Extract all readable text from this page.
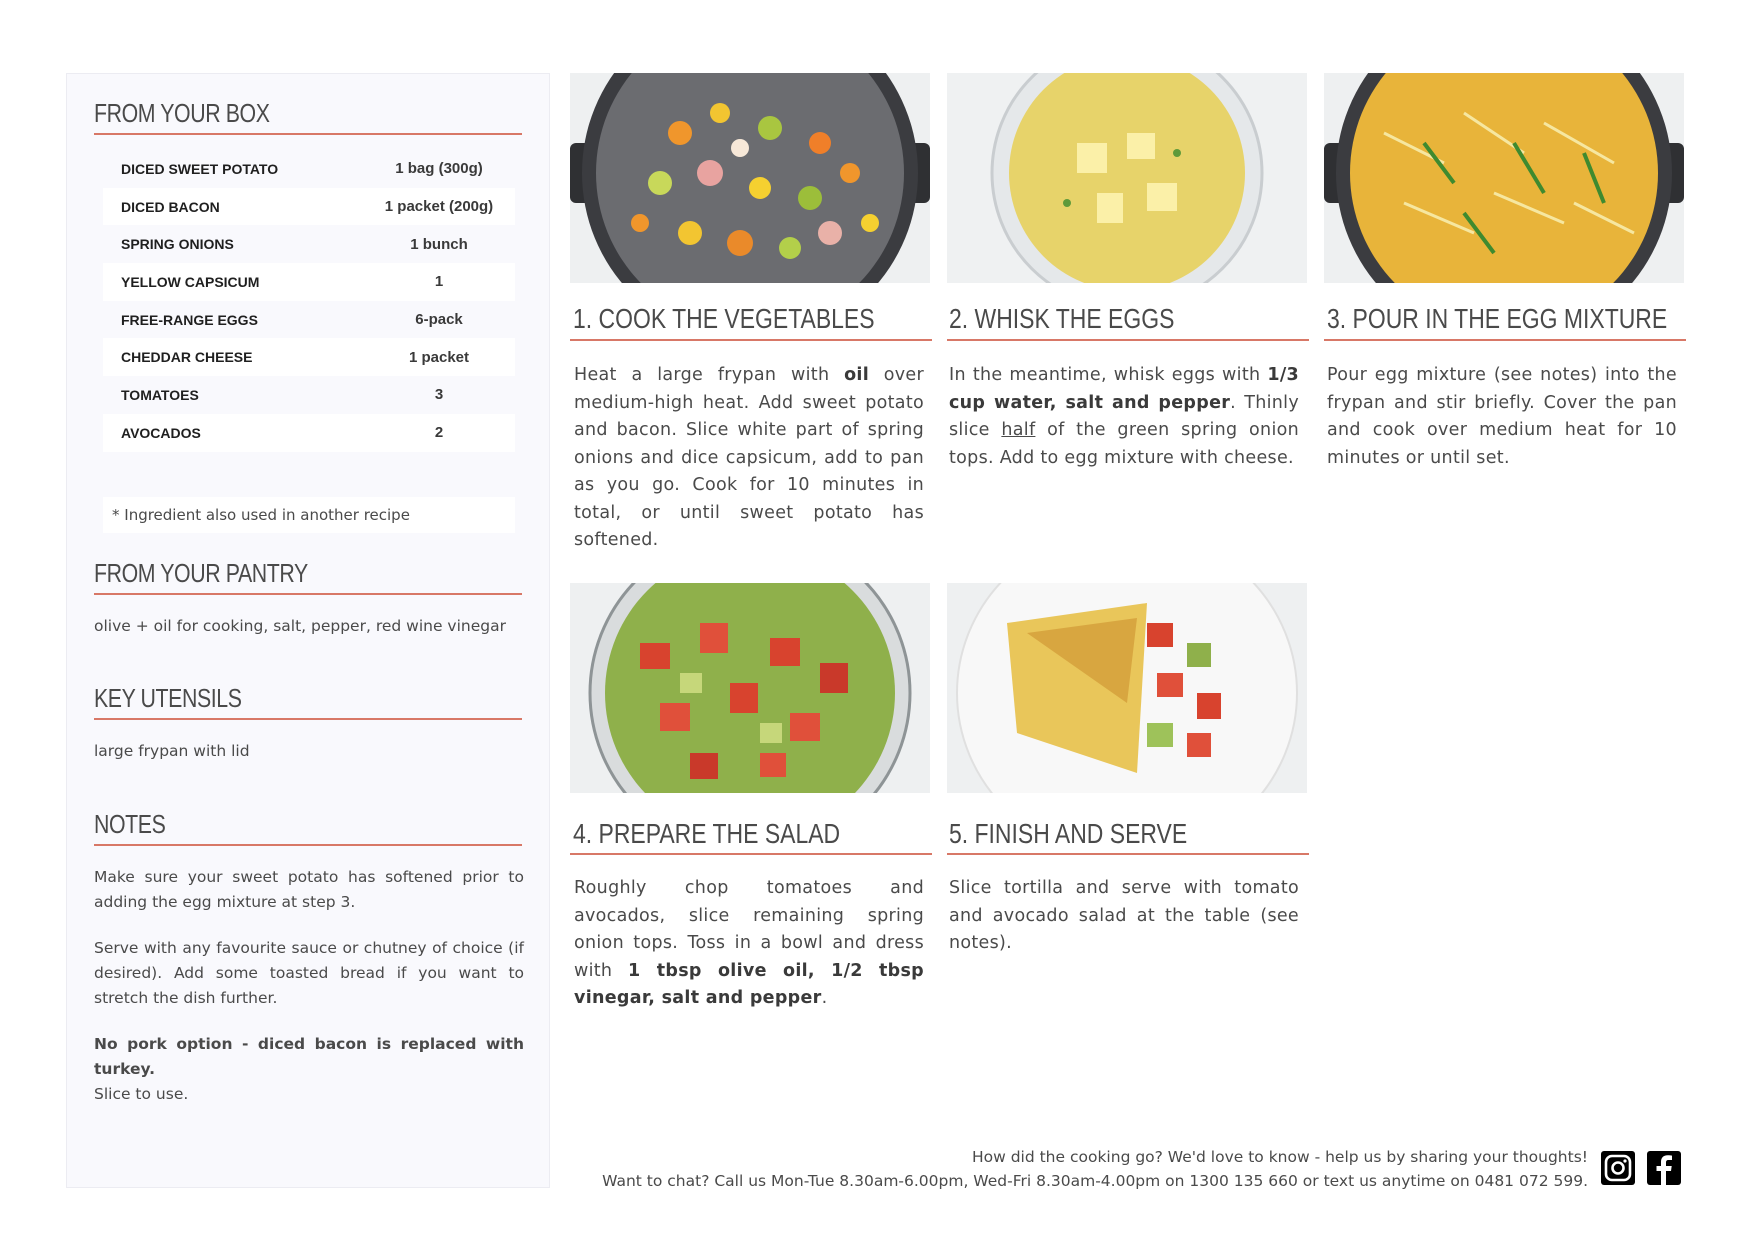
FROM YOUR BOX
DICED SWEET POTATO	1 bag (300g)
DICED BACON	1 packet (200g)
SPRING ONIONS	1 bunch
YELLOW CAPSICUM	1
FREE-RANGE EGGS	6-pack
CHEDDAR CHEESE	1 packet
TOMATOES	3
AVOCADOS	2
* Ingredient also used in another recipe
FROM YOUR PANTRY
olive + oil for cooking, salt, pepper, red wine vinegar
KEY UTENSILS
large frypan with lid
NOTES
Make sure your sweet potato has softened prior to adding the egg mixture at step 3.
Serve with any favourite sauce or chutney of choice (if desired). Add some toasted bread if you want to stretch the dish further.
No pork option - diced bacon is replaced with turkey.
Slice to use.
1. COOK THE VEGETABLES	2. WHISK THE EGGS	3. POUR IN THE EGG MIXTURE
4. PREPARE THE SALAD	5. FINISH AND SERVE
Heat a large frypan with oil over medium-high heat. Add sweet potato and bacon. Slice white part of spring onions and dice capsicum, add to pan as you go. Cook for 10 minutes in total, or until sweet potato has softened.
In the meantime, whisk eggs with 1/3 cup water, salt and pepper. Thinly slice half of the green spring onion tops. Add to egg mixture with cheese.
Pour egg mixture (see notes) into the frypan and stir briefly. Cover the pan and cook over medium heat for 10 minutes or until set.
Roughly chop tomatoes and avocados, slice remaining spring onion tops. Toss in a bowl and dress with 1 tbsp olive oil, 1/2 tbsp vinegar, salt and pepper.
Slice tortilla and serve with tomato and avocado salad at the table (see notes).
How did the cooking go? We'd love to know - help us by sharing your thoughts!
Want to chat? Call us Mon-Tue 8.30am-6.00pm, Wed-Fri 8.30am-4.00pm on 1300 135 660 or text us anytime on 0481 072 599.
